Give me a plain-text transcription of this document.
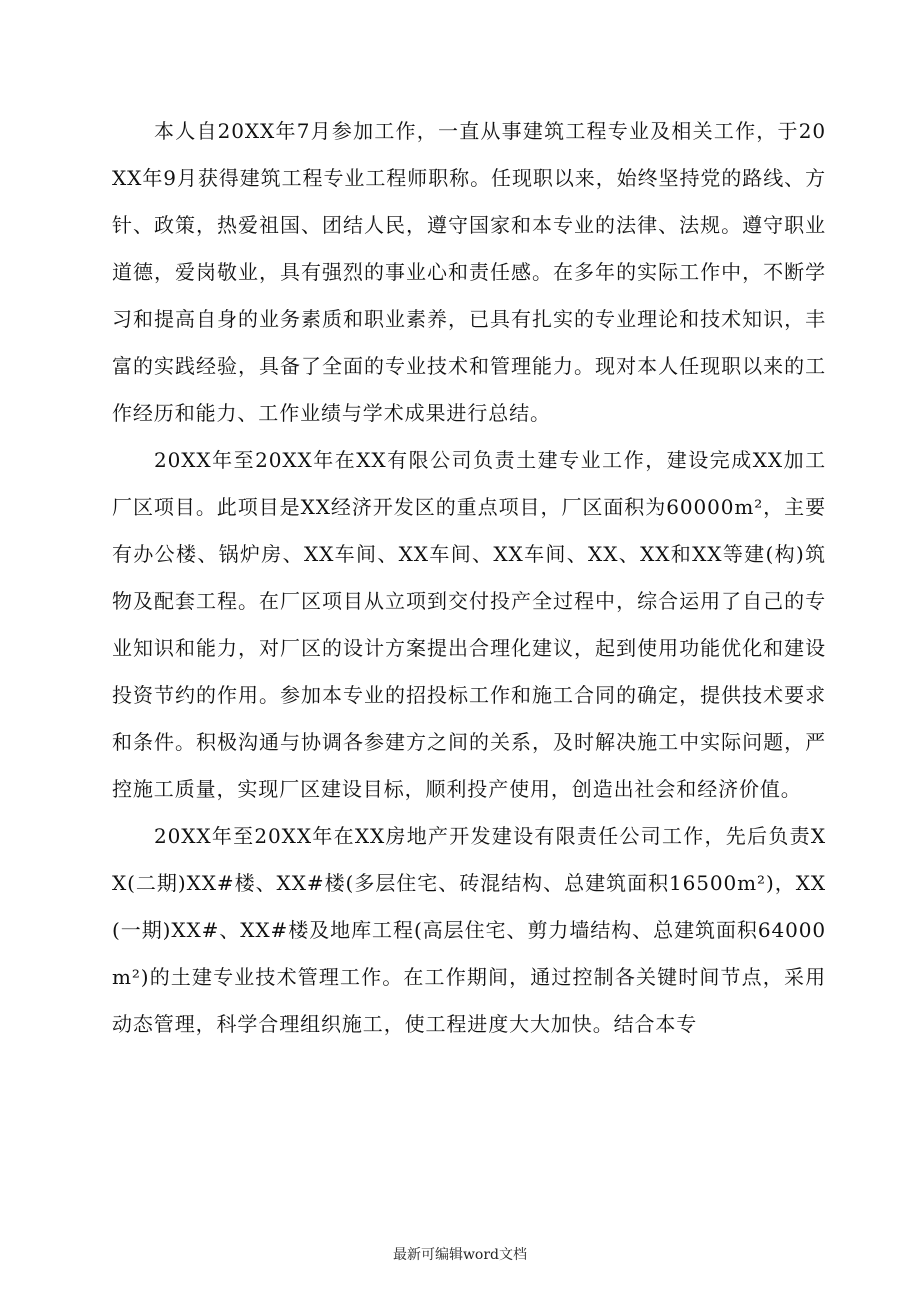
本人自20XX年7月参加工作，一直从事建筑工程专业及相关工作，于20XX年9月获得建筑工程专业工程师职称。任现职以来，始终坚持党的路线、方针、政策，热爱祖国、团结人民，遵守国家和本专业的法律、法规。遵守职业道德，爱岗敬业，具有强烈的事业心和责任感。在多年的实际工作中，不断学习和提高自身的业务素质和职业素养，已具有扎实的专业理论和技术知识，丰富的实践经验，具备了全面的专业技术和管理能力。现对本人任现职以来的工作经历和能力、工作业绩与学术成果进行总结。

20XX年至20XX年在XX有限公司负责土建专业工作，建设完成XX加工厂区项目。此项目是XX经济开发区的重点项目，厂区面积为60000m²，主要有办公楼、锅炉房、XX车间、XX车间、XX车间、XX、XX和XX等建(构)筑物及配套工程。在厂区项目从立项到交付投产全过程中，综合运用了自己的专业知识和能力，对厂区的设计方案提出合理化建议，起到使用功能优化和建设投资节约的作用。参加本专业的招投标工作和施工合同的确定，提供技术要求和条件。积极沟通与协调各参建方之间的关系，及时解决施工中实际问题，严控施工质量，实现厂区建设目标，顺利投产使用，创造出社会和经济价值。

20XX年至20XX年在XX房地产开发建设有限责任公司工作，先后负责XX(二期)XX#楼、XX#楼(多层住宅、砖混结构、总建筑面积16500m²)，XX(一期)XX#、XX#楼及地库工程(高层住宅、剪力墙结构、总建筑面积64000m²)的土建专业技术管理工作。在工作期间，通过控制各关键时间节点，采用动态管理，科学合理组织施工，使工程进度大大加快。结合本专

最新可编辑word文档
